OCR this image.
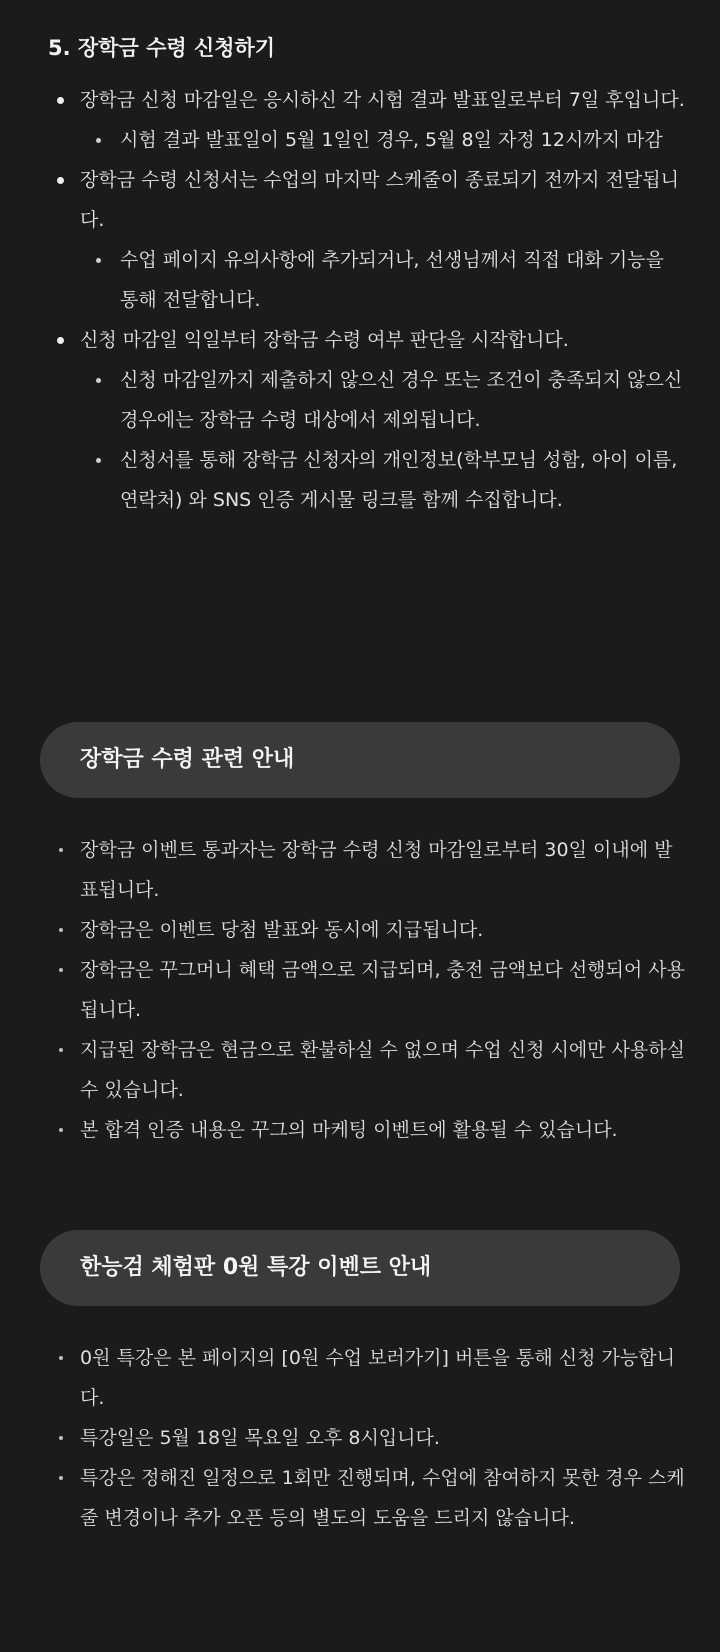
5. 장학금 수령 신청하기
장학금 신청 마감일은 응시하신 각 시험 결과 발표일로부터 7일 후입니다.
시험 결과 발표일이 5월 1일인 경우, 5월 8일 자정 12시까지 마감
장학금 수령 신청서는 수업의 마지막 스케줄이 종료되기 전까지 전달됩니다.
수업 페이지 유의사항에 추가되거나, 선생님께서 직접 대화 기능을 통해 전달합니다.
신청 마감일 익일부터 장학금 수령 여부 판단을 시작합니다.
신청 마감일까지 제출하지 않으신 경우 또는 조건이 충족되지 않으신 경우에는 장학금 수령 대상에서 제외됩니다.
신청서를 통해 장학금 신청자의 개인정보(학부모님 성함, 아이 이름, 연락처) 와 SNS 인증 게시물 링크를 함께 수집합니다.
장학금 수령 관련 안내
장학금 이벤트 통과자는 장학금 수령 신청 마감일로부터 30일 이내에 발표됩니다.
장학금은 이벤트 당첨 발표와 동시에 지급됩니다.
장학금은 꾸그머니 혜택 금액으로 지급되며, 충전 금액보다 선행되어 사용됩니다.
지급된 장학금은 현금으로 환불하실 수 없으며 수업 신청 시에만 사용하실 수 있습니다.
본 합격 인증 내용은 꾸그의 마케팅 이벤트에 활용될 수 있습니다.
한능검 체험판 0원 특강 이벤트 안내
0원 특강은 본 페이지의 [0원 수업 보러가기] 버튼을 통해 신청 가능합니다.
특강일은 5월 18일 목요일 오후 8시입니다.
특강은 정해진 일정으로 1회만 진행되며, 수업에 참여하지 못한 경우 스케줄 변경이나 추가 오픈 등의 별도의 도움을 드리지 않습니다.
